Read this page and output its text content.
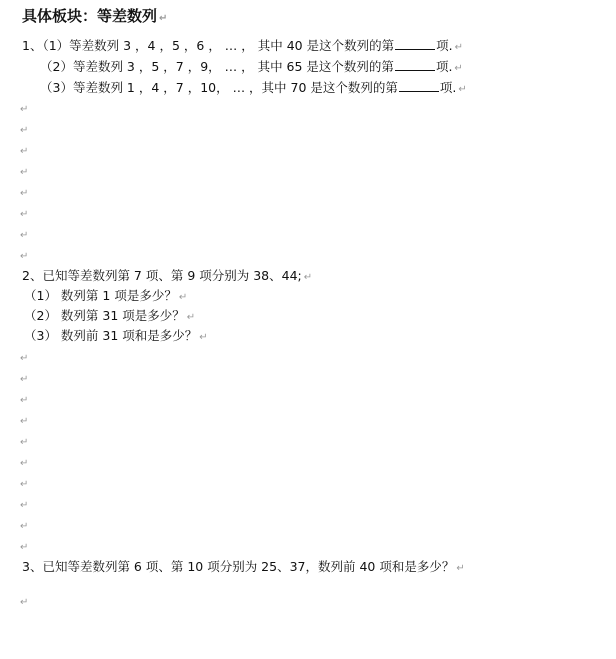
具体板块：等差数列 ↵
1、（1）等差数列 3 ，4 ，5 ，6 ， … ， 其中 40 是这个数列的第	项. ↵
（2）等差数列 3 ，5 ，7 ，9， … ， 其中 65 是这个数列的第	项. ↵
（3）等差数列 1 ，4 ，7 ，10， … ，其中 70 是这个数列的第	项. ↵
↵
↵
↵
↵
↵
↵
↵
↵
2、已知等差数列第 7 项、第 9 项分别为 38、44; ↵
（1） 数列第 1 项是多少？ ↵
（2） 数列第 31 项是多少？ ↵
（3） 数列前 31 项和是多少？ ↵
↵
↵
↵
↵
↵
↵
↵
↵
↵
↵
3、已知等差数列第 6 项、第 10 项分别为 25、37，数列前 40 项和是多少？ ↵
↵
